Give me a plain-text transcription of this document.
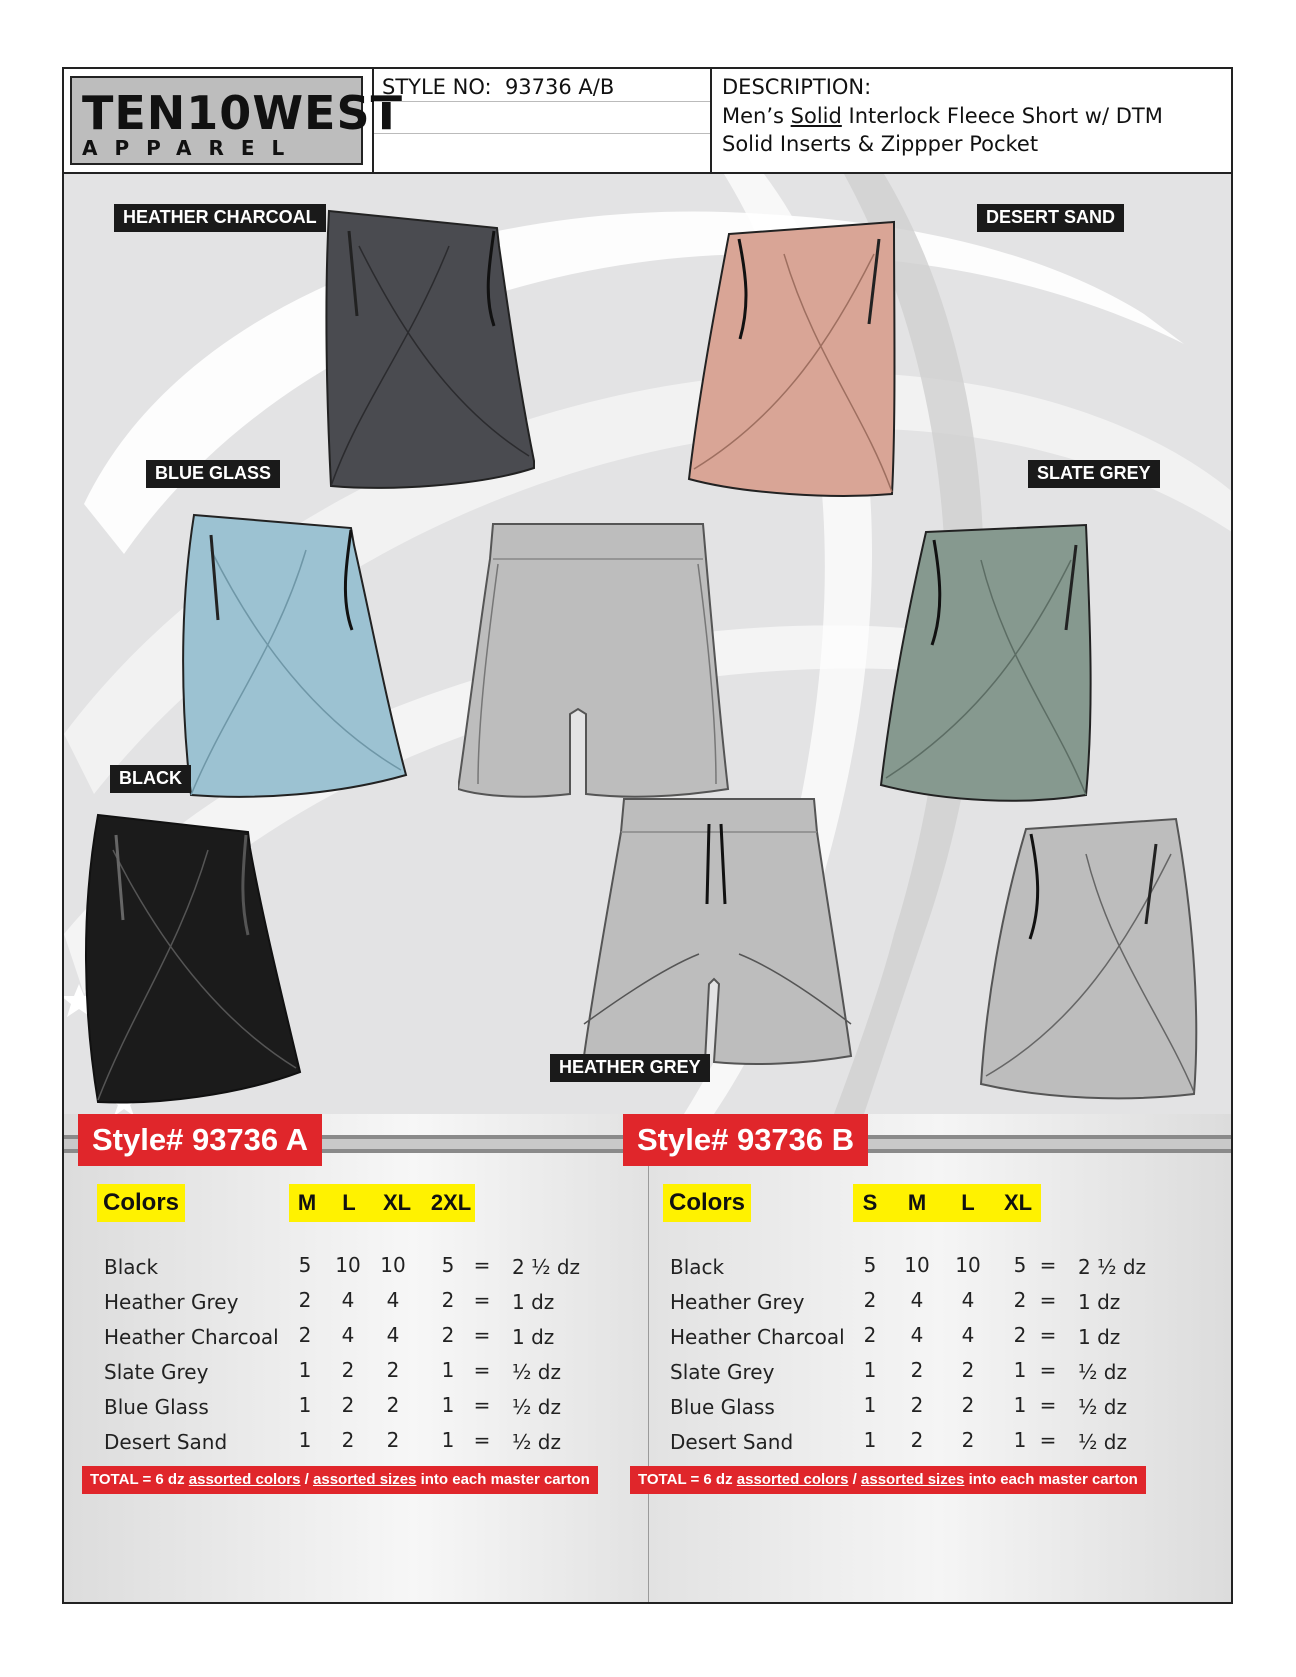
TEN10WEST
APPAREL
STYLE NO: 93736 A/B	DESCRIPTION:
Men’s Solid Interlock Fleece Short w/ DTM
Solid Inserts & Zippper Pocket
HEATHER CHARCOAL	DESERT SAND
BLUE GLASS	SLATE GREY
BLACK
HEATHER GREY
Style# 93736 A
Colors	M	L	XL 2XL
Black	5	10 10	5 =	2 ½ dz
Heather Grey	2	4	4	2 =	1 dz
Heather Charcoal 2	4	4	2 =	1 dz
Slate Grey	1	2	2	1 =	½ dz
Blue Glass	1	2	2	1 =	½ dz
Desert Sand	1	2	2	1 =	½ dz
TOTAL = 6 dz assorted colors / assorted sizes into each master carton
Style# 93736 B
Colors	S	M	L	XL
Black	5	10 10	5 =	2 ½ dz
Heather Grey	2	4	4	2 =	1 dz
Heather Charcoal 2	4	4	2 =	1 dz
Slate Grey	1	2	2	1 =	½ dz
Blue Glass	1	2	2	1 =	½ dz
Desert Sand	1	2	2	1 =	½ dz
TOTAL = 6 dz assorted colors / assorted sizes into each master carton
